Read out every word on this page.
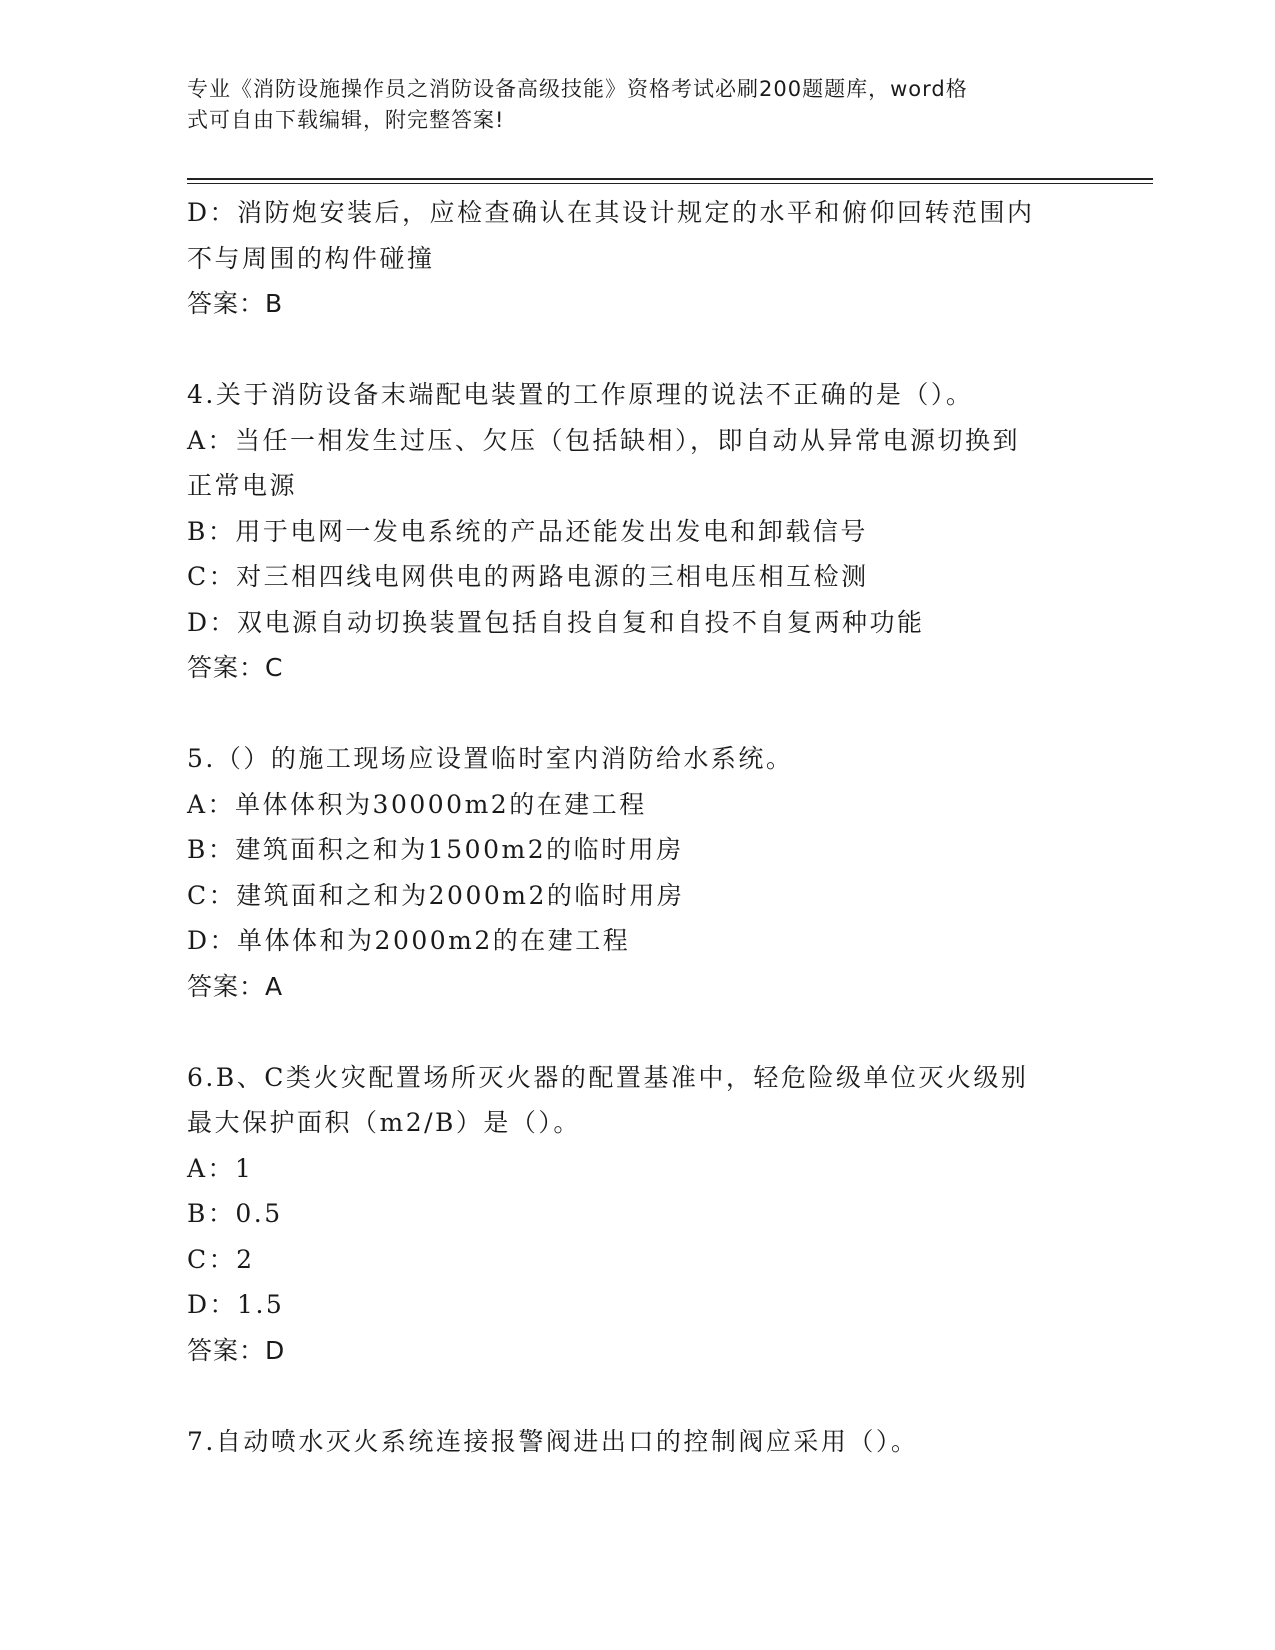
专业《消防设施操作员之消防设备高级技能》资格考试必刷200题题库，word格
式可自由下载编辑，附完整答案!
D：消防炮安装后，应检查确认在其设计规定的水平和俯仰回转范围内
不与周围的构件碰撞
答案：B
4.关于消防设备末端配电装置的工作原理的说法不正确的是（）。
A：当任一相发生过压、欠压（包括缺相），即自动从异常电源切换到
正常电源
B：用于电网一发电系统的产品还能发出发电和卸载信号
C：对三相四线电网供电的两路电源的三相电压相互检测
D：双电源自动切换装置包括自投自复和自投不自复两种功能
答案：C
5.（）的施工现场应设置临时室内消防给水系统。
A：单体体积为30000m2的在建工程
B：建筑面积之和为1500m2的临时用房
C：建筑面和之和为2000m2的临时用房
D：单体体和为2000m2的在建工程
答案：A
6.B、C类火灾配置场所灭火器的配置基准中，轻危险级单位灭火级别
最大保护面积（m2/B）是（）。
A：1
B：0.5
C：2
D：1.5
答案：D
7.自动喷水灭火系统连接报警阀进出口的控制阀应采用（）。
